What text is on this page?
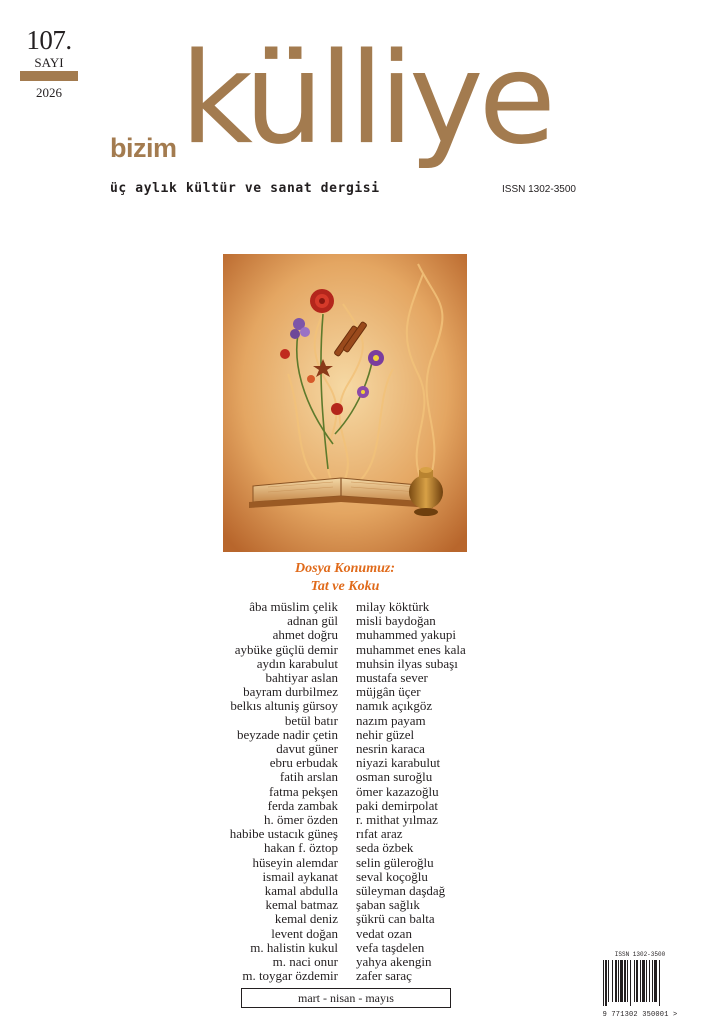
107.
SAYI
2026
bizim külliye
üç aylık kültür ve sanat dergisi	ISSN 1302-3500
Dosya Konumuz:
Tat ve Koku
âba müslim çelik
adnan gül
ahmet doğru
aybüke güçlü demir
aydın karabulut
bahtiyar aslan
bayram durbilmez
belkıs altuniş gürsoy
betül batır
beyzade nadir çetin
davut güner
ebru erbudak
fatih arslan
fatma pekşen
ferda zambak
h. ömer özden
habibe ustacık güneş
hakan f. öztop
hüseyin alemdar
ismail aykanat
kamal abdulla
kemal batmaz
kemal deniz
levent doğan
m. halistin kukul
m. naci onur
m. toygar özdemir
milay köktürk
misli baydoğan
muhammed yakupi
muhammet enes kala
muhsin ilyas subaşı
mustafa sever
müjgân üçer
namık açıkgöz
nazım payam
nehir güzel
nesrin karaca
niyazi karabulut
osman suroğlu
ömer kazazoğlu
paki demirpolat
r. mithat yılmaz
rıfat araz
seda özbek
selin güleroğlu
seval koçoğlu
süleyman daşdağ
şaban sağlık
şükrü can balta
vedat ozan
vefa taşdelen
yahya akengin
zafer saraç
mart - nisan - mayıs
ISSN 1302-3500
9 771302 350001 >
